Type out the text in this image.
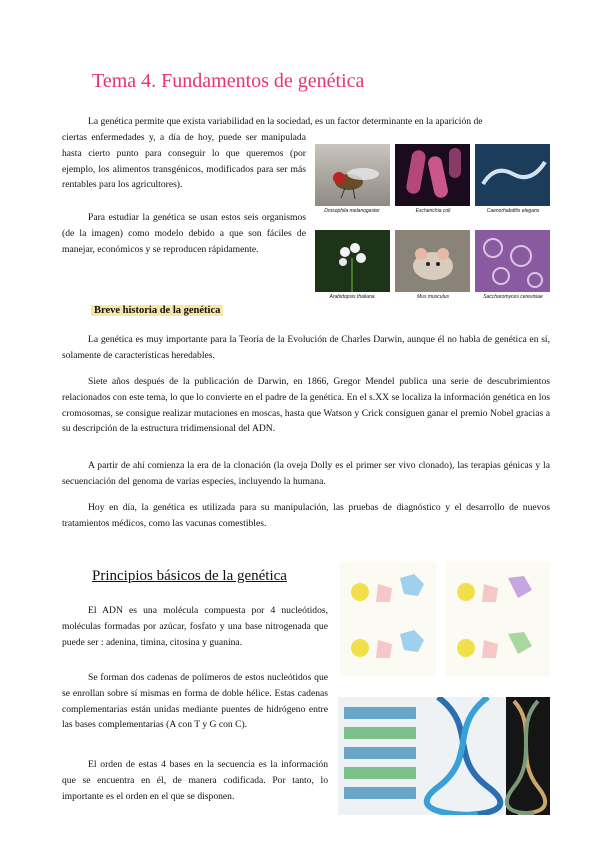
Tema 4. Fundamentos de genética

La genética permite que exista variabilidad en la sociedad, es un factor determinante en la aparición de

ciertas enfermedades y, a día de hoy, puede ser manipulada hasta cierto punto para conseguir lo que queremos (por ejemplo, los alimentos transgénicos, modificados para ser más rentables para los agricultores).

Para estudiar la genética se usan estos seis organismos (de la imagen) como modelo debido a que son fáciles de manejar, económicos y se reproducen rápidamente.

Drosophila melanogaster	Escherichia coli	Caenorhabditis elegans
Arabidopsis thaliana	Mus musculus	Saccharomyces cerevisiae
Breve historia de la genética

La genética es muy importante para la Teoría de la Evolución de Charles Darwin, aunque él no habla de genética en sí, solamente de características heredables.

Siete años después de la publicación de Darwin, en 1866, Gregor Mendel publica una serie de descubrimientos relacionados con este tema, lo que lo convierte en el padre de la genética. En el s.XX se localiza la información genética en los cromosomas, se consigue realizar mutaciones en moscas, hasta que Watson y Crick consiguen ganar el premio Nobel gracias a su descripción de la estructura tridimensional del ADN.

A partir de ahí comienza la era de la clonación (la oveja Dolly es el primer ser vivo clonado), las terapias génicas y la secuenciación del genoma de varias especies, incluyendo la humana.

Hoy en día, la genética es utilizada para su manipulación, las pruebas de diagnóstico y el desarrollo de nuevos tratamientos médicos, como las vacunas comestibles.

Principios básicos de la genética

El ADN es una molécula compuesta por 4 nucleótidos, moléculas formadas por azúcar, fosfato y una base nitrogenada que puede ser : adenina, timina, citosina y guanina.

Se forman dos cadenas de polímeros de estos nucleótidos que se enrollan sobre sí mismas en forma de doble hélice. Estas cadenas complementarias están unidas mediante puentes de hidrógeno entre las bases complementarias (A con T y G con C).

El orden de estas 4 bases en la secuencia es la información que se encuentra en él, de manera codificada. Por tanto, lo importante es el orden en el que se disponen.
